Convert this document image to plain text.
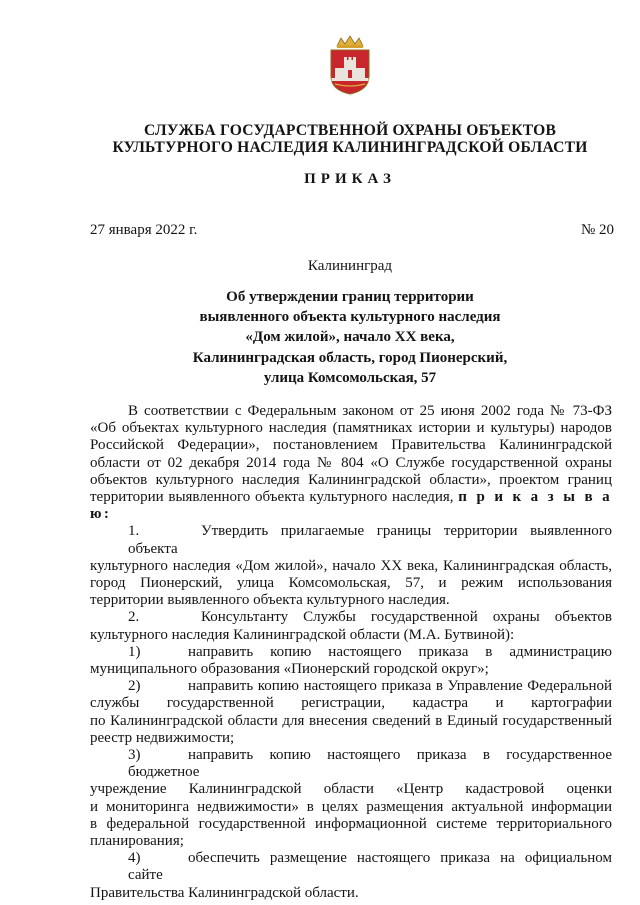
СЛУЖБА ГОСУДАРСТВЕННОЙ ОХРАНЫ ОБЪЕКТОВ
КУЛЬТУРНОГО НАСЛЕДИЯ КАЛИНИНГРАДСКОЙ ОБЛАСТИ
ПРИКАЗ
27 января 2022 г.	№ 20
Калининград
Об утверждении границ территории
выявленного объекта культурного наследия
«Дом жилой», начало XX века,
Калининградская область, город Пионерский,
улица Комсомольская, 57

В соответствии с Федеральным законом от 25 июня 2002 года № 73-ФЗ

«Об объектах культурного наследия (памятниках истории и культуры) народов

Российской Федерации», постановлением Правительства Калининградской

области от 02 декабря 2014 года № 804 «О Службе государственной охраны

объектов культурного наследия Калининградской области», проектом границ

территории выявленного объекта культурного наследия, п р и к а з ы в а ю:

1.	Утвердить прилагаемые границы территории выявленного объекта

культурного наследия «Дом жилой», начало XX века, Калининградская область,

город Пионерский, улица Комсомольская, 57, и режим использования

территории выявленного объекта культурного наследия.

2.	Консультанту Службы государственной охраны объектов

культурного наследия Калининградской области (М.А. Бутвиной):

1)	направить копию настоящего приказа в администрацию

муниципального образования «Пионерский городской округ»;

2)	направить копию настоящего приказа в Управление Федеральной

службы государственной регистрации, кадастра и картографии

по Калининградской области для внесения сведений в Единый государственный

реестр недвижимости;

3)	направить копию настоящего приказа в государственное бюджетное

учреждение Калининградской области «Центр кадастровой оценки

и мониторинга недвижимости» в целях размещения актуальной информации

в федеральной государственной информационной системе территориального

планирования;

4)	обеспечить размещение настоящего приказа на официальном сайте

Правительства Калининградской области.
